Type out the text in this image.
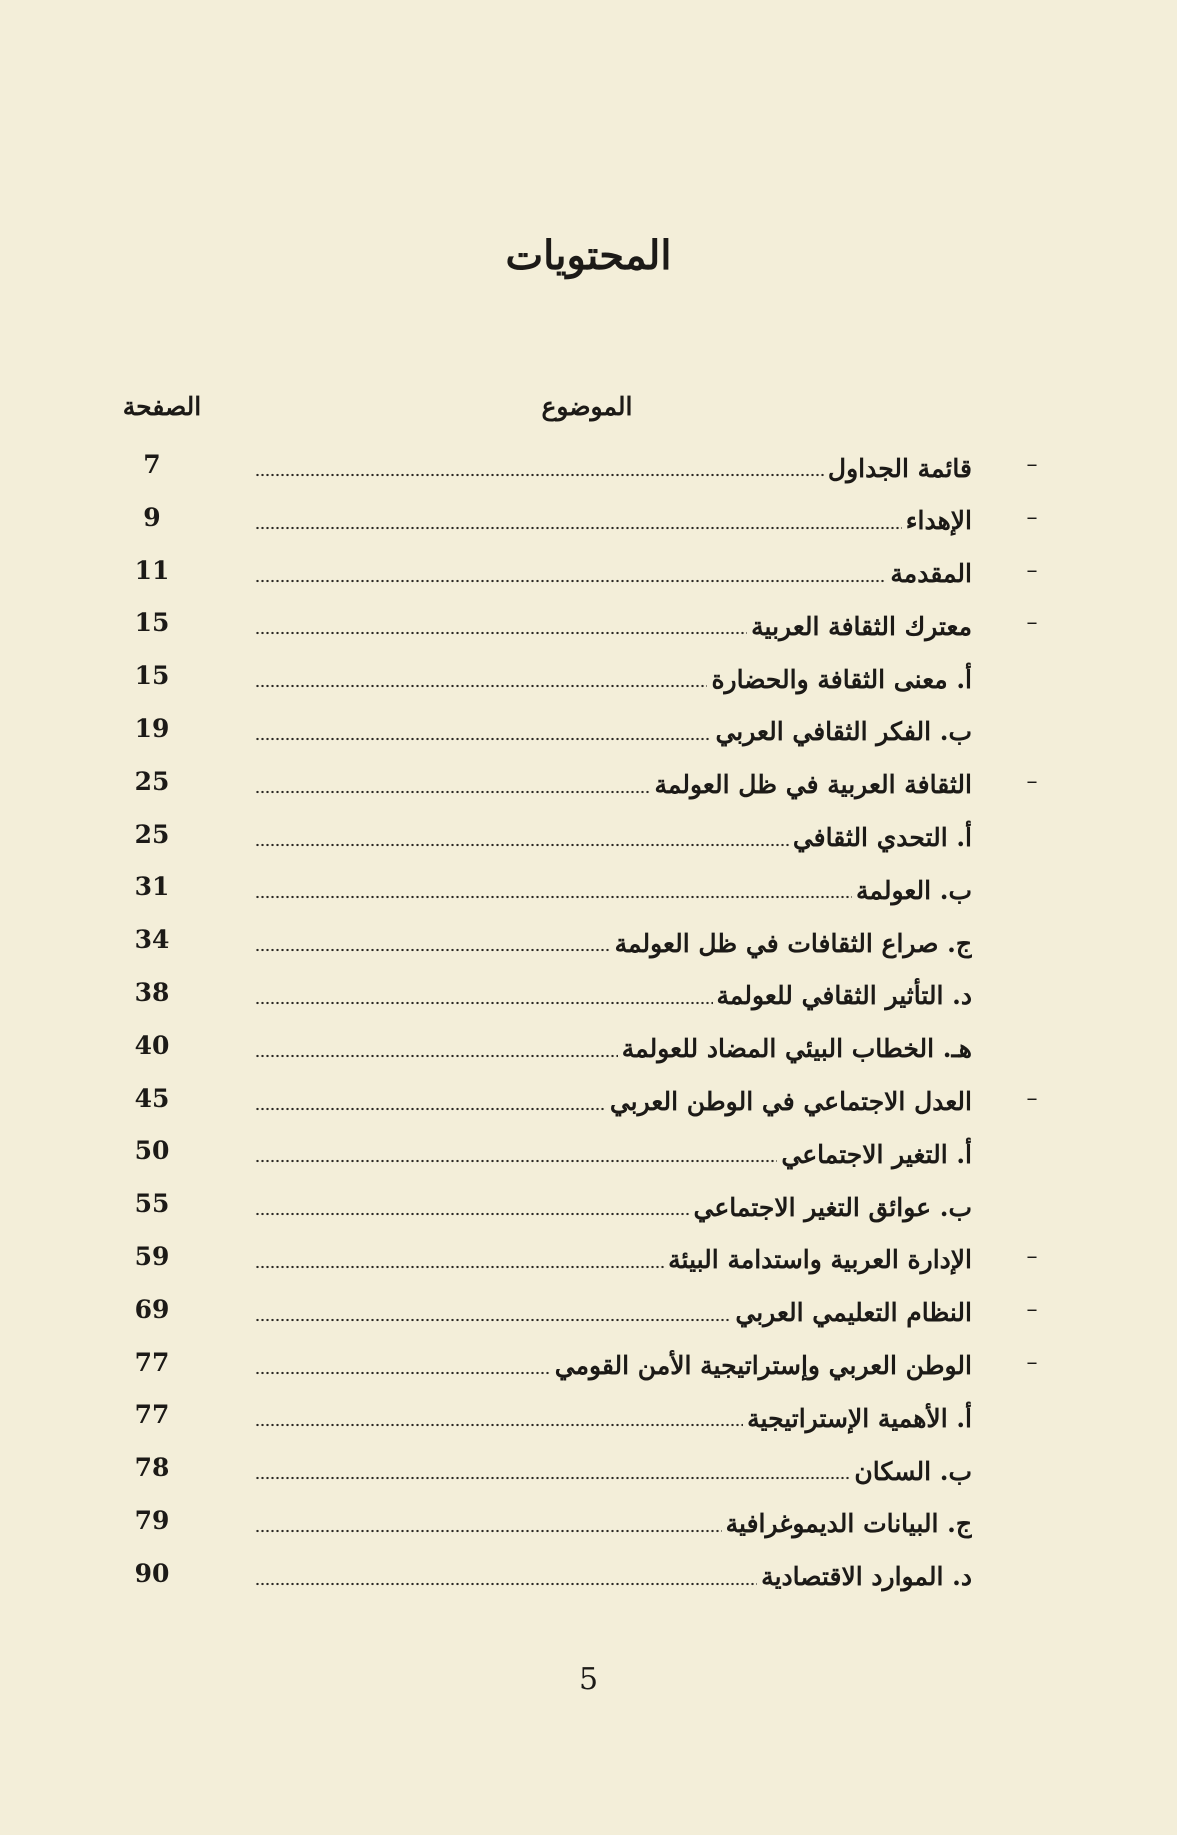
المحتويات
الموضوع
الصفحة
–
قائمة الجداول
7
–
الإهداء
9
–
المقدمة
11
–
معترك الثقافة العربية
15
أ. معنى الثقافة والحضارة
15
ب. الفكر الثقافي العربي
19
–
الثقافة العربية في ظل العولمة
25
أ. التحدي الثقافي
25
ب. العولمة
31
ج. صراع الثقافات في ظل العولمة
34
د. التأثير الثقافي للعولمة
38
هـ. الخطاب البيئي المضاد للعولمة
40
–
العدل الاجتماعي في الوطن العربي
45
أ. التغير الاجتماعي
50
ب. عوائق التغير الاجتماعي
55
–
الإدارة العربية واستدامة البيئة
59
–
النظام التعليمي العربي
69
–
الوطن العربي وإستراتيجية الأمن القومي
77
أ. الأهمية الإستراتيجية
77
ب. السكان
78
ج. البيانات الديموغرافية
79
د. الموارد الاقتصادية
90
5
